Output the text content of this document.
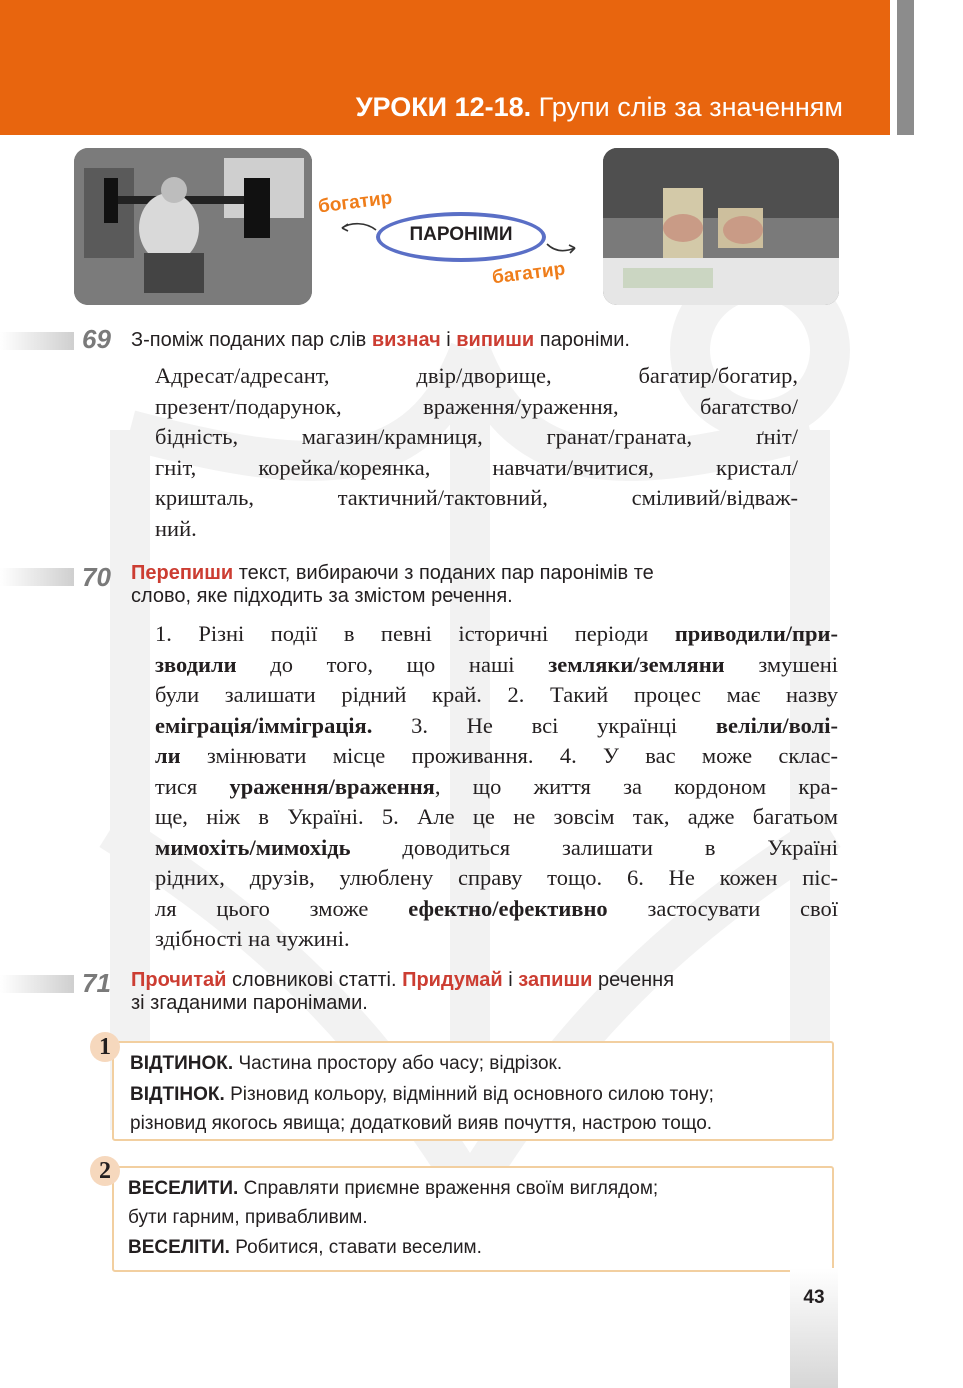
УРОКИ 12-18. Групи слів за значенням
богатир
багатир
ПАРОНІМИ
69 З-поміж поданих пар слів визнач і випиши пароніми.
Адресат/адресант, двір/дворище, багатир/богатир,
презент/подарунок, враження/ураження, багатство/
бідність, магазин/крамниця, гранат/граната, ґніт/
гніт, корейка/кореянка, навчати/вчитися, кристал/
кришталь, тактичний/тактовний, сміливий/відваж-
ний.
70 Перепиши текст, вибираючи з поданих пар паронімів те
слово, яке підходить за змістом речення.
1. Різні події в певні історичні періоди приводили/при-
зводили до того, що наші земляки/земляни змушені
були залишати рідний край. 2. Такий процес має назву
еміграція/імміграція. 3. Не всі українці веліли/волі-
ли змінювати місце проживання. 4. У вас може склас-
тися ураження/враження, що життя за кордоном кра-
ще, ніж в Україні. 5. Але це не зовсім так, адже багатьом
мимохіть/мимохідь доводиться залишати в Україні
рідних, друзів, улюблену справу тощо. 6. Не кожен піс-
ля цього зможе ефектно/ефективно застосувати свої
здібності на чужині.
71 Прочитай словникові статті. Придумай і запиши речення
зі згаданими паронімами.
1
ВІДТИНОК. Частина простору або часу; відрізок.
ВІДТІНОК. Різновид кольору, відмінний від основного силою тону;
різновид якогось явища; додатковий вияв почуття, настрою тощо.
2
ВЕСЕЛИТИ. Справляти приємне враження своїм виглядом;
бути гарним, привабливим.
ВЕСЕЛІТИ. Робитися, ставати веселим.
43
